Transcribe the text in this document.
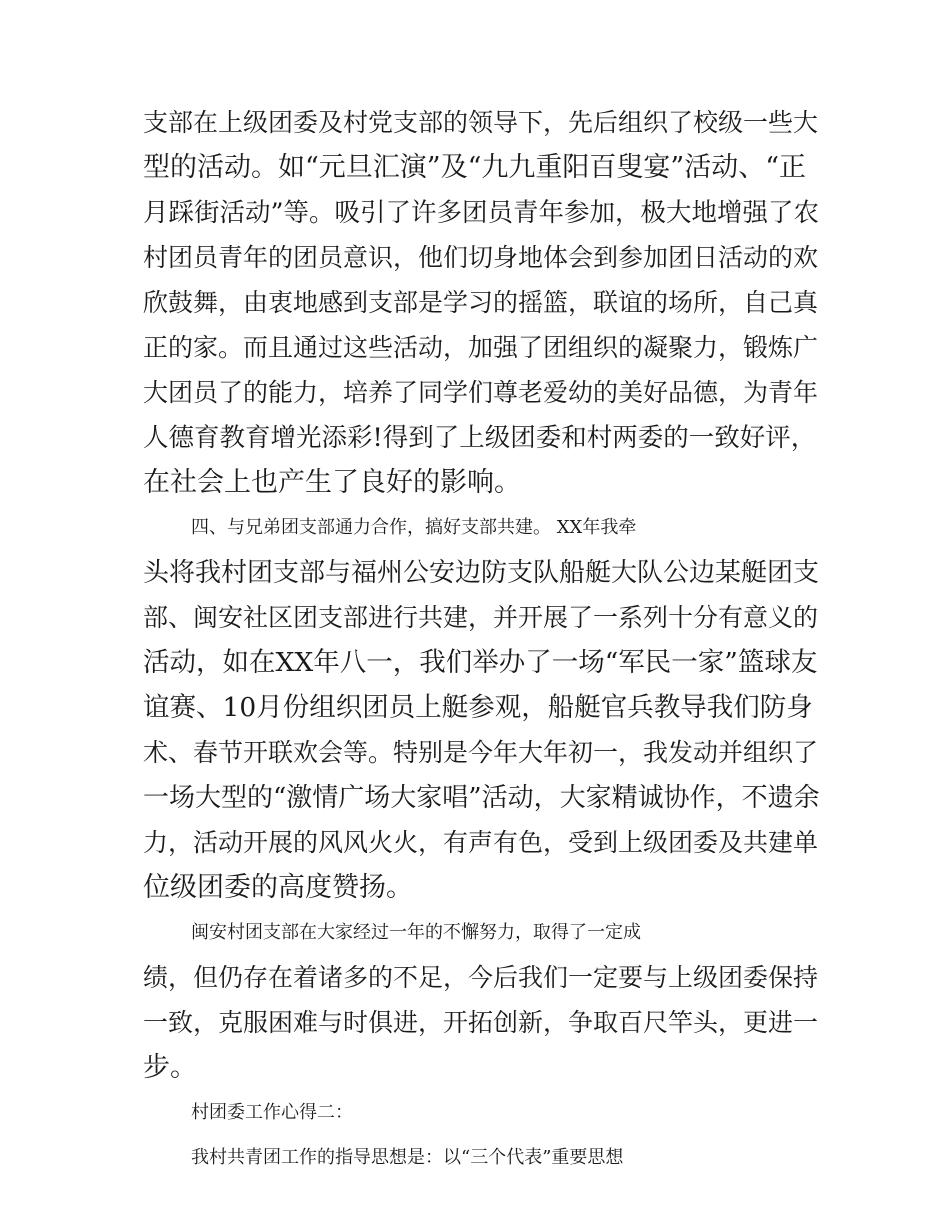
支部在上级团委及村党支部的领导下，先后组织了校级一些大
型的活动。如“元旦汇演”及“九九重阳百叟宴”活动、“正
月踩街活动”等。吸引了许多团员青年参加，极大地增强了农
村团员青年的团员意识，他们切身地体会到参加团日活动的欢
欣鼓舞，由衷地感到支部是学习的摇篮，联谊的场所，自己真
正的家。而且通过这些活动，加强了团组织的凝聚力，锻炼广
大团员了的能力，培养了同学们尊老爱幼的美好品德，为青年
人德育教育增光添彩!得到了上级团委和村两委的一致好评，
在社会上也产生了良好的影响。
四、与兄弟团支部通力合作，搞好支部共建。 XX年我牵
头将我村团支部与福州公安边防支队船艇大队公边某艇团支
部、闽安社区团支部进行共建，并开展了一系列十分有意义的
活动，如在XX年八一，我们举办了一场“军民一家”篮球友
谊赛、10月份组织团员上艇参观，船艇官兵教导我们防身
术、春节开联欢会等。特别是今年大年初一，我发动并组织了
一场大型的“激情广场大家唱”活动，大家精诚协作，不遗余
力，活动开展的风风火火，有声有色，受到上级团委及共建单
位级团委的高度赞扬。
闽安村团支部在大家经过一年的不懈努力，取得了一定成
绩，但仍存在着诸多的不足，今后我们一定要与上级团委保持
一致，克服困难与时俱进，开拓创新，争取百尺竿头，更进一
步。
村团委工作心得二：
我村共青团工作的指导思想是：以“三个代表”重要思想
